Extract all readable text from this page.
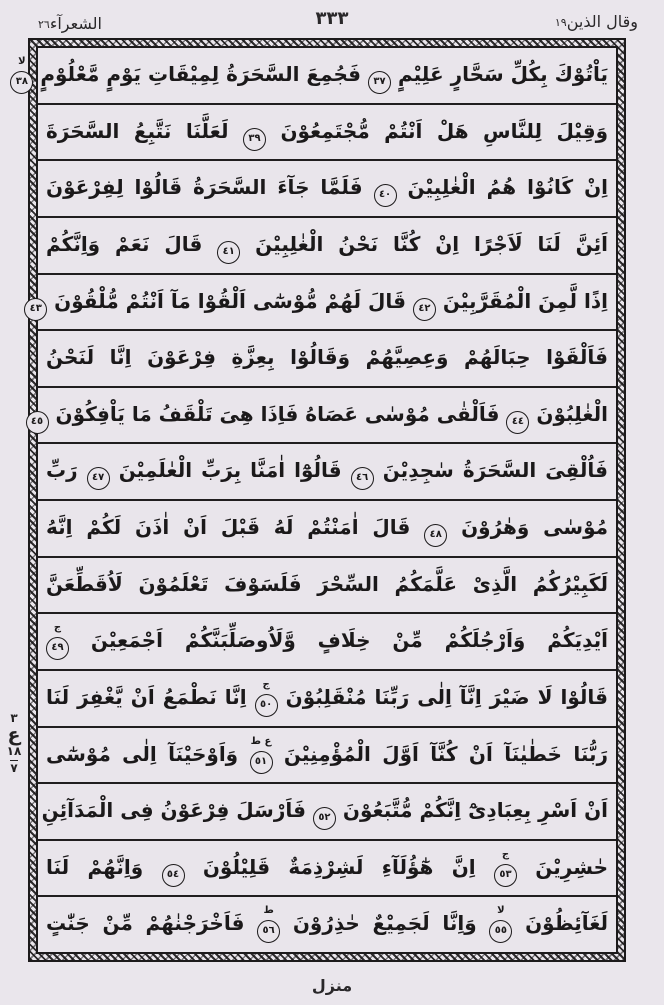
وقال الذين١٩
٣٣٣
الشعرآء٢٦
يَاْتُوْكَ بِكُلِّ سَحَّارٍ عَلِيْمٍ ٣٧ فَجُمِعَ السَّحَرَةُ لِمِيْقَاتِ يَوْمٍ مَّعْلُوْمٍ ٣٨
لا
وَقِيْلَ لِلنَّاسِ هَلْ اَنْتُمْ مُّجْتَمِعُوْنَ ٣٩ لَعَلَّنَا نَتَّبِعُ السَّحَرَةَ
اِنْ كَانُوْا هُمُ الْغٰلِبِيْنَ ٤٠ فَلَمَّا جَآءَ السَّحَرَةُ قَالُوْا لِفِرْعَوْنَ
اَئِنَّ لَنَا لَاَجْرًا اِنْ كُنَّا نَحْنُ الْغٰلِبِيْنَ ٤١ قَالَ نَعَمْ وَاِنَّكُمْ
اِذًا لَّمِنَ الْمُقَرَّبِيْنَ ٤٢ قَالَ لَهُمْ مُّوْسٰٓى اَلْقُوْا مَآ اَنْتُمْ مُّلْقُوْنَ ٤٣
فَاَلْقَوْا حِبَالَهُمْ وَعِصِيَّهُمْ وَقَالُوْا بِعِزَّةِ فِرْعَوْنَ اِنَّا لَنَحْنُ
الْغٰلِبُوْنَ ٤٤ فَاَلْقٰى مُوْسٰى عَصَاهُ فَاِذَا هِىَ تَلْقَفُ مَا يَاْفِكُوْنَ ٤٥
فَاُلْقِىَ السَّحَرَةُ سٰجِدِيْنَ ٤٦ قَالُوْٓا اٰمَنَّا بِرَبِّ الْعٰلَمِيْنَ ٤٧ رَبِّ
مُوْسٰى وَهٰرُوْنَ ٤٨ قَالَ اٰمَنْتُمْ لَهُ قَبْلَ اَنْ اٰذَنَ لَكُمْ اِنَّهُ
لَكَبِيْرُكُمُ الَّذِىْ عَلَّمَكُمُ السِّحْرَ فَلَسَوْفَ تَعْلَمُوْنَ لَاُقَطِّعَنَّ
اَيْدِيَكُمْ وَاَرْجُلَكُمْ مِّنْ خِلَافٍ وَّلَاُوصَلِّبَنَّكُمْ اَجْمَعِيْنَ ٤٩
ج
قَالُوْا لَا ضَيْرَ اِنَّآ اِلٰى رَبِّنَا مُنْقَلِبُوْنَ ٥٠
ج
اِنَّا نَطْمَعُ اَنْ يَّغْفِرَ لَنَا
رَبُّنَا خَطٰيٰنَآ اَنْ كُنَّآ اَوَّلَ الْمُؤْمِنِيْنَ ٥١
ع ط
وَاَوْحَيْنَآ اِلٰى مُوْسٰٓى
اَنْ اَسْرِ بِعِبَادِىْٓ اِنَّكُمْ مُّتَّبَعُوْنَ ٥٢ فَاَرْسَلَ فِرْعَوْنُ فِى الْمَدَآئِنِ
حٰشِرِيْنَ ٥٣
ج
اِنَّ هٰٓؤُلَآءِ لَشِرْذِمَةٌ قَلِيْلُوْنَ ٥٤ وَاِنَّهُمْ لَنَا
لَغَآئِظُوْنَ ٥٥
لا
وَاِنَّا لَجَمِيْعٌ حٰذِرُوْنَ ٥٦
ط
فَاَخْرَجْنٰهُمْ مِّنْ جَنّٰتٍ
٣
ع
١٨
٧
منزل
